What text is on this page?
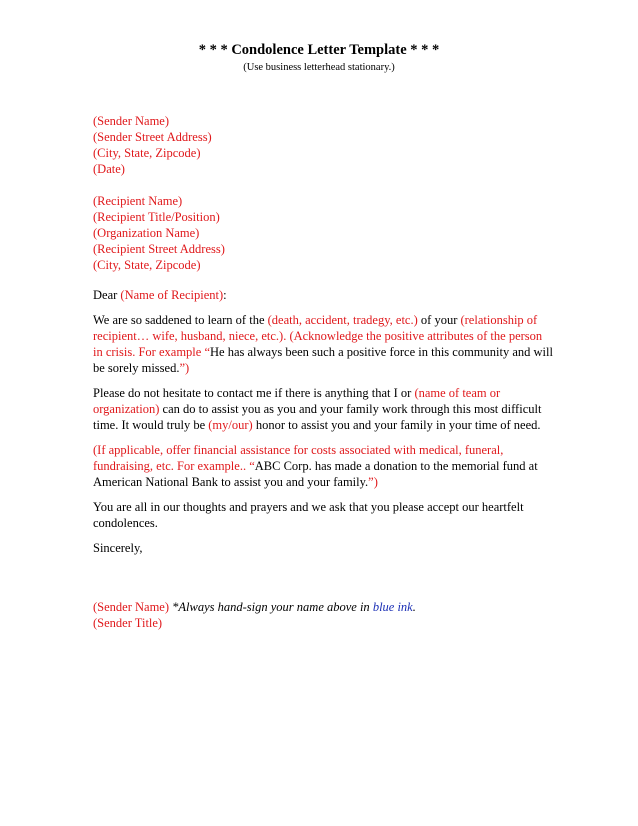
* * * Condolence Letter Template * * *
(Use business letterhead stationary.)
(Sender Name)
(Sender Street Address)
(City, State, Zipcode)
(Date)
(Recipient Name)
(Recipient Title/Position)
(Organization Name)
(Recipient Street Address)
(City, State, Zipcode)

Dear (Name of Recipient):

We are so saddened to learn of the (death, accident, tradegy, etc.) of your (relationship of recipient… wife, husband, niece, etc.). (Acknowledge the positive attributes of the person in crisis. For example “He has always been such a positive force in this community and will be sorely missed.”)

Please do not hesitate to contact me if there is anything that I or (name of team or organization) can do to assist you as you and your family work through this most difficult time. It would truly be (my/our) honor to assist you and your family in your time of need.

(If applicable, offer financial assistance for costs associated with medical, funeral, fundraising, etc. For example.. “ABC Corp. has made a donation to the memorial fund at American National Bank to assist you and your family.”)

You are all in our thoughts and prayers and we ask that you please accept our heartfelt condolences.

Sincerely,

(Sender Name) *Always hand-sign your name above in blue ink.
(Sender Title)
